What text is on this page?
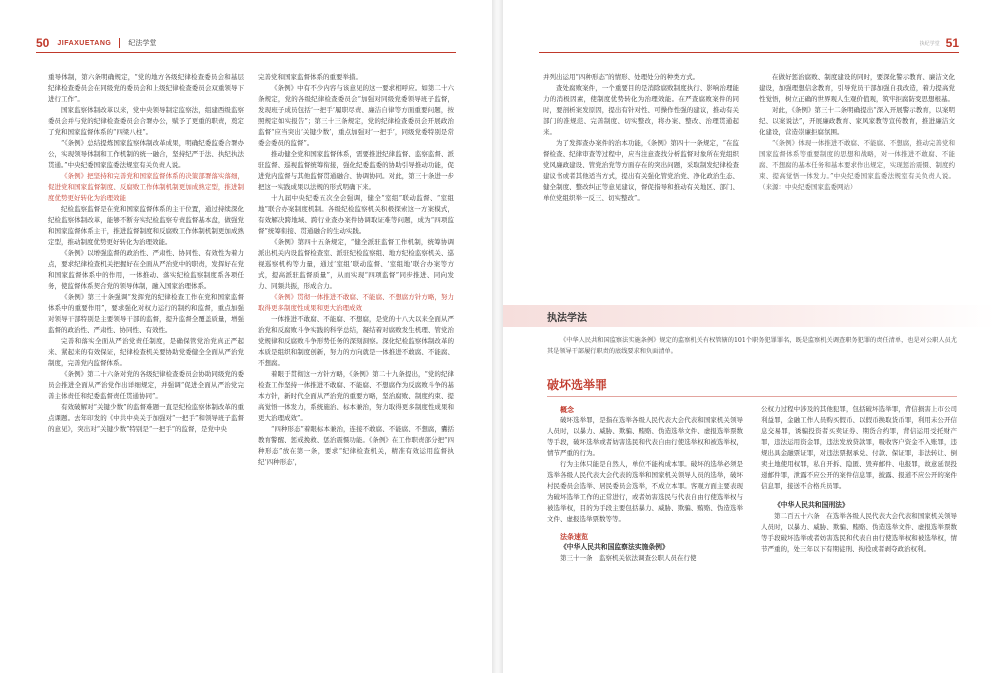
50 JIFAXUETANG 纪法学堂

重导体制，第六条明确规定，“党的地方各级纪律检查委员会和基层纪律检查委员会在同级党的委员会和上级纪律检查委员会双重领导下进行工作”。

国家监察体制改革以来，党中央领导制定监察法，组建西级监察委员会并与党的纪律检查委员会合署办公，赋予了更重的职责，奠定了党和国家监督体系的“四梁八柱”。

“《条例》总结提炼国家监察体制改革成果，明确纪委监委合署办公，实现领导体制和工作机制的统一融合，坚持纪严于法、执纪执法贯通。”中央纪委国家监委法规室有关负责人说。

《条例》把坚持和完善党和国家监督体系的决策部署落实落细，促进党和国家监督制度、反腐败工作体制机制更加成熟定型，推进制度优势更好转化为治理效能

纪检监察监督是在党和国家监督体系的主干位置，通过持续深化纪检监察体制改革，能够不断夯实纪检监察专责监督基本盘，做强党和国家监督体系主干，推进监督制度和反腐败工作体制机制更加成熟定型，推动制度优势更好转化为治理效能。

《条例》以增强监督的政治性、严肃性、协同性、有效性为着力点，要求纪律检查机关把握好在全面从严治党中的职责，发挥好在党和国家监督体系中的作用，一体推动、落实纪检监察制度系各项任务，使监督体系契合党的领导体制，融入国家治理体系。

《条例》第三十条强调“发挥党的纪律检查工作在党和国家监督体系中的重要作用”，要求强化对权力运行的制约和监督，重点加强对领导干部特别是主要领导干部的监督，提升监督全覆盖质量，增强监督的政治性、严肃性、协同性、有效性。

完善和落实全面从严治党责任制度，是确保管党治党真正严起来、紧起来的有效保证，纪律检查机关要协助党委健全全面从严治党制度，完善党内监督体系。

《条例》第二十六条对党的各级纪律检查委员会协助同级党的委员会推进全面从严治党作出详细规定，并强调“促进全面从严治党完善主体责任和纪委监督责任贯通协同”。

有效破解对“关键少数”的监督难题一直是纪检监察体制改革的重点课题。去年印发的《中共中央关于加强对“一把手”和领导班子监督的意见》，突出对“关键少数”特别是“一把手”的监督，是党中央

完善党和国家监督体系的重要举措。

《条例》中有不少内容与该意见的这一要求相呼应。如第二十六条规定，党的各级纪律检查委员会“加强对同级党委领导班子监督，发现班子成员包括‘一把手’履职尽责、廉洁自律等方面重要问题，按照规定如实报告”；第三十三条规定，党的纪律检查委员会开展政治监督“应当突出‘关键少数’，重点加强对‘一把手’，同级党委特别是常委会委员的监督”。

推动健全党和国家监督体系，需要推进纪律监督、监察监督、派驻监督、巡视监督统筹衔接，强化纪委监委的协助引导推动功能，促进党内监督与其他监督贯通融合、协调协同。对此，第三十条进一步把这一实践成果以法规的形式明确下来。

十九届中央纪委五次全会强调，健全“室组”联动监督、“室组地”联合办案制度机制。各级纪检监察机关积极探索这一方案模式，有效解决跨地域、跨行业查办案件协调取证难等问题，成为“四项监督”统筹衔接、贯通融合的生动实践。

《条例》第四十五条规定，“健全派驻监督工作机制，统筹协调派出机关内设监督检查室、派驻纪检监察组、地方纪检监察机关、巡视巡察机构等力量，通过‘室组’联动监督、‘室组地’联合办案等方式，提高派驻监督质量”，从而实现“四项监督”同步推进、同向发力、同频共振，形成合力。

《条例》贯彻一体推进不敢腐、不能腐、不想腐方针方略，努力取得更多制度性成果和更大治理成效

一体推进不敢腐、不能腐、不想腐，是党的十八大以来全面从严治党和反腐败斗争实践的科学总结，凝结着对腐败发生机理、管党治党规律和反腐败斗争形势任务的深刻洞察。深化纪检监察体制改革的本质是组织和制度创新，努力的方向就是一体推进不敢腐、不能腐、不想腐。

着眼于贯彻这一方针方略，《条例》第二十九条提出，“党的纪律检查工作坚持一体推进不敢腐、不能腐、不想腐作为反腐败斗争的基本方针，新时代全面从严治党的重要方略，坚治腐败、制度约束、提高觉悟一体发力，系统施治、标本兼治，努力取得更多制度性成果和更大治理成效”。

“四种形态”着眼标本兼治，连接不敢腐、不能腐、不想腐，囊括教育警醒、惩戒挽救、惩治震慑功能。《条例》在工作职责部分把“四种形态”放在第一条，要求“纪律检查机关，精准有效运用监督执纪‘四种形态’，

执纪学堂 51

并列出运用“四种形态”的情形、处理处分的种类方式。

查处腐败案件，一个重要目的是消除腐败制度执行、影响治理能力的消极因素，使制度优势转化为治理效能。在严查腐败案件的同时，要剖析案发原因，提出有针对性、可操作性强的建议，推动有关部门的准规范、完善制度、切实整改，将办案、整改、治理贯通起来。

为了发挥查办案件的治本功能，《条例》第四十一条规定，“在监督检查、纪律审查等过程中，应当注意查找分析监督对象所在党组织党风廉政建设、管党治党等方面存在的突出问题，采取制发纪律检查建议书或者其他适当方式，提出有关强化管党治党、净化政治生态、健全制度、整改纠正等意见建议，督促指导和推动有关地区、部门、单位党组织举一反三、切实整改”。

在做好惩治腐败、制度建设的同时，要深化警示教育、廉洁文化建设，加强理想信念教育，引导党员干部加强自我改造，着力提高党性觉悟，树立正确的世界观人生观价值观，筑牢拒腐防变思想根基。

对此，《条例》第三十二条明确提出“深入开展警示教育，以案明纪、以案说法”，开展廉政教育、家风家教等宣传教育，推进廉洁文化建设，营造崇廉拒腐氛围。

“《条例》体现一体推进不敢腐、不能腐、不想腐，推动完善党和国家监督体系等重要制度的思想和战略，对一体推进不敢腐、不能腐、不想腐的基本任务和基本要求作出规定，实现惩治震慑、制度约束、提高觉悟一体发力。”中央纪委国家监委法规室有关负责人说。（来源：中央纪委国家监委网站）

执法学法
《中华人民共和国监察法实施条例》规定的监察机关有权管辖的101个职务犯罪罪名，既是监察机关调查职务犯罪的责任清单，也是对公职人员尤其是领导干部履行职责的底线要求和负面清单。
破坏选举罪

概念

破坏选举罪，是指在选举各级人民代表大会代表和国家机关领导人员时，以暴力、威胁、欺骗、贿赂、伪造选举文件、虚报选举票数等手段，破坏选举或者妨害选民和代表自由行使选举权和被选举权，情节严重的行为。

行为主体只能是自然人，单位不能构成本罪。破坏的选举必须是选举各级人民代表大会代表的选举和国家机关领导人员的选举，破坏村民委员会选举、居民委员会选举，不成立本罪。客观方面主要表现为破坏选举工作的正常进行，或者妨害选民与代表自由行使选举权与被选举权，目的为手段主要包括暴力、威胁、欺骗、贿赂、伪造选举文件、虚报选举票数等等。

法条速览

《中华人民共和国监察法实施条例》

第三十一条　监察机关依法调查公职人员在行使

公权力过程中涉及的其他犯罪，包括破坏选举罪，背信损害上市公司利益罪，金融工作人员购买假币、以假币换取货币罪，利用未公开信息交易罪，诱骗投资者买卖证券、期货合约罪，背信运用受托财产罪，违法运用资金罪，违法发放贷款罪，吸收客户资金不入账罪，违规出具金融票证罪，对违法票据承兑、付款、保证罪，非法转让、倒卖土地使用权罪，私自开拆、隐匿、毁弃邮件、电报罪，故意延误投递邮件罪，泄露不应公开的案件信息罪，披露、报道不应公开的案件信息罪，接送不合格兵员罪。

《中华人民共和国刑法》

第二百五十六条　在选举各级人民代表大会代表和国家机关领导人员时，以暴力、威胁、欺骗、贿赂、伪造选举文件、虚报选举票数等手段破坏选举或者妨害选民和代表自由行使选举权和被选举权，情节严重的，处三年以下有期徒刑、拘役或者剥夺政治权利。
